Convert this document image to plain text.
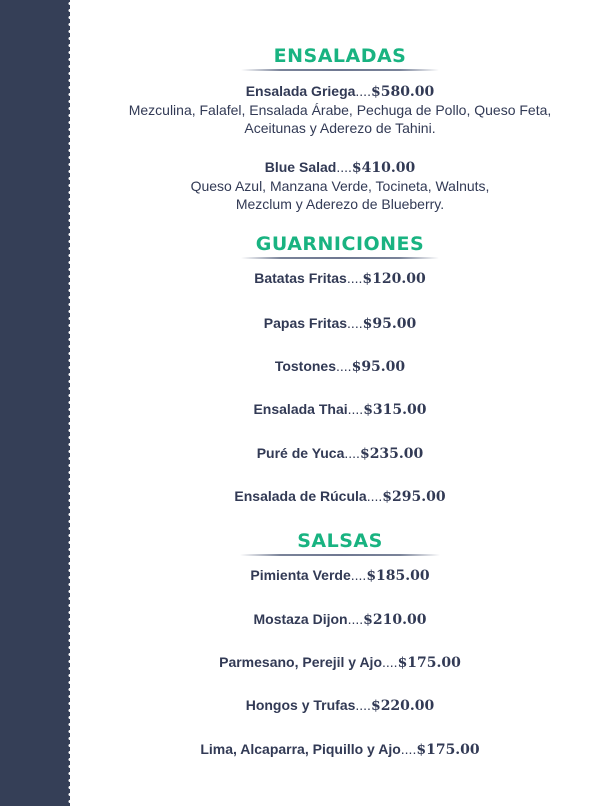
ENSALADAS
Ensalada Griega....$580.00
Mezculina, Falafel, Ensalada Árabe, Pechuga de Pollo, Queso Feta,
Aceitunas y Aderezo de Tahini.
Blue Salad....$410.00
Queso Azul, Manzana Verde, Tocineta, Walnuts,
Mezclum y Aderezo de Blueberry.
GUARNICIONES
Batatas Fritas....$120.00
Papas Fritas....$95.00
Tostones....$95.00
Ensalada Thai....$315.00
Puré de Yuca....$235.00
Ensalada de Rúcula....$295.00
SALSAS
Pimienta Verde....$185.00
Mostaza Dijon....$210.00
Parmesano, Perejil y Ajo....$175.00
Hongos y Trufas....$220.00
Lima, Alcaparra, Piquillo y Ajo....$175.00
